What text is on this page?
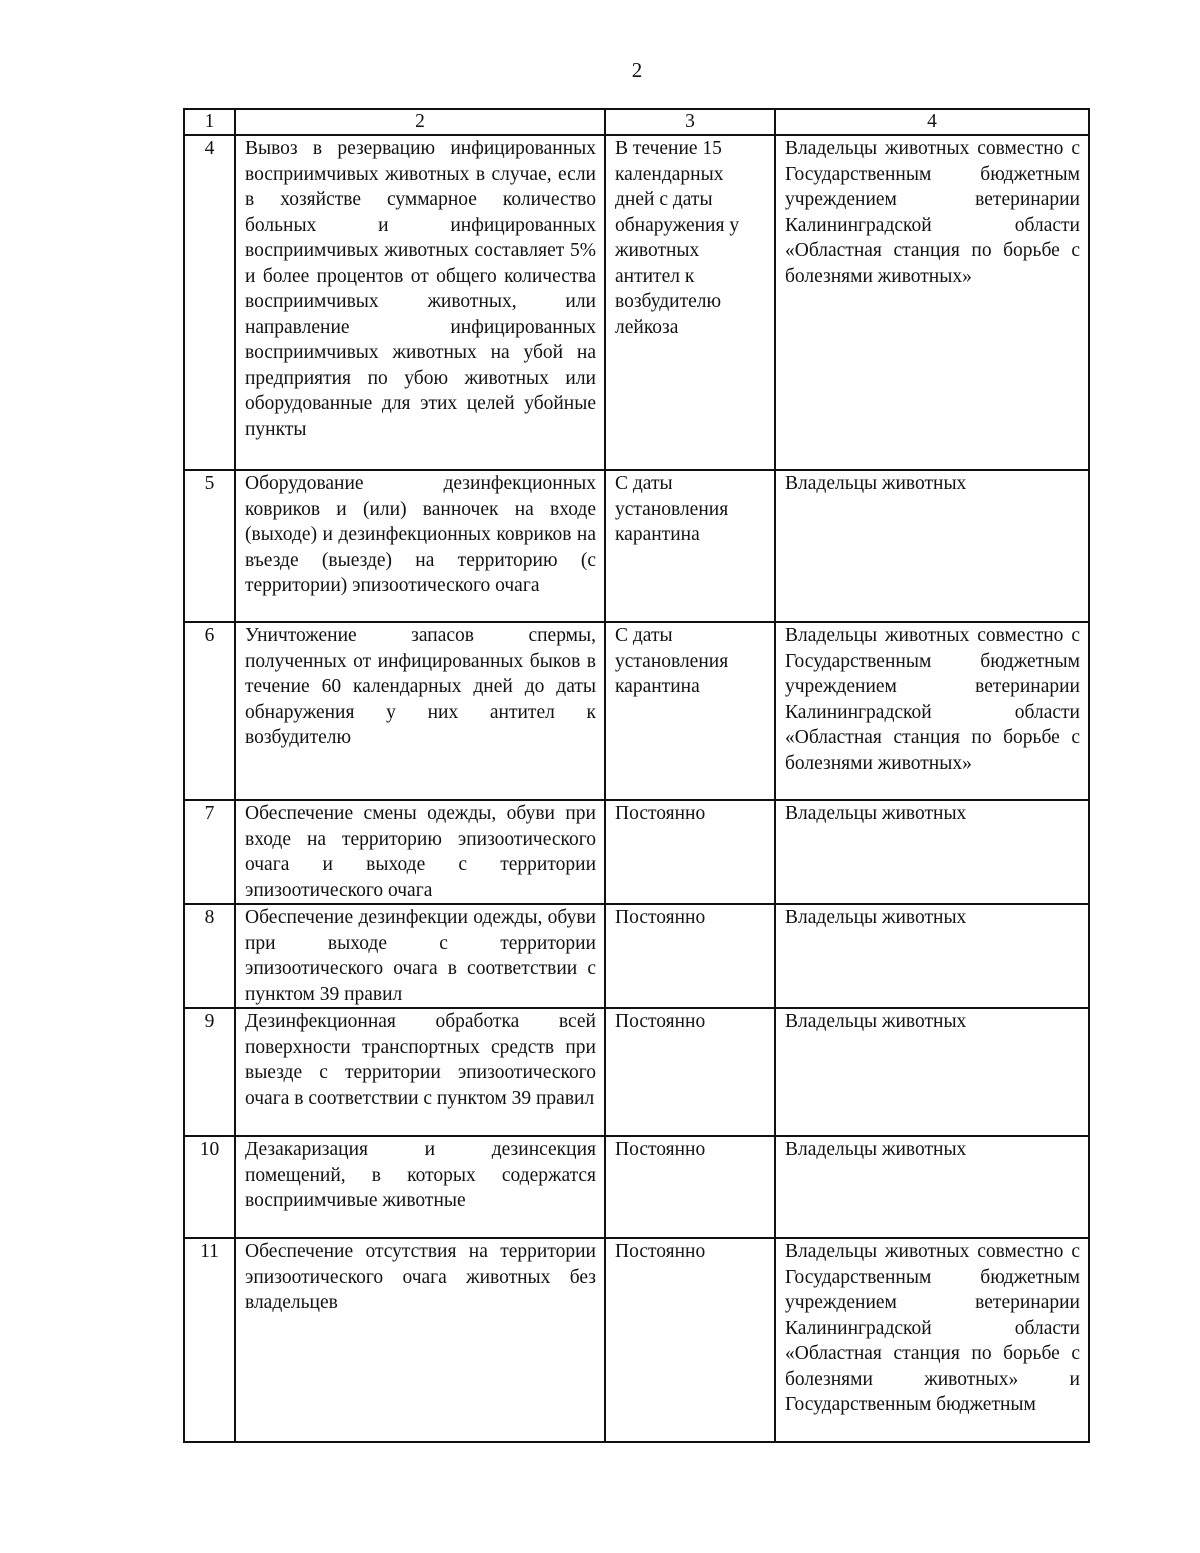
2
1	2	3	4
4	Вывоз в резервацию инфицированных восприимчивых животных в случае, если в хозяйстве суммарное количество больных и инфицированных восприимчивых животных составляет 5% и более процентов от общего количества восприимчивых животных, или направление инфицированных восприимчивых животных на убой на предприятия по убою животных или оборудованные для этих целей убойные пункты	В течение 15 календарных дней с даты обнаружения у животных антител к возбудителю лейкоза	Владельцы животных совместно с Государственным бюджетным учреждением ветеринарии Калининградской области «Областная станция по борьбе с болезнями животных»
5	Оборудование дезинфекционных ковриков и (или) ванночек на входе (выходе) и дезинфекционных ковриков на въезде (выезде) на территорию (с территории) эпизоотического очага	С даты установления карантина	Владельцы животных
6	Уничтожение запасов спермы, полученных от инфицированных быков в течение 60 календарных дней до даты обнаружения у них антител к возбудителю	С даты установления карантина	Владельцы животных совместно с Государственным бюджетным учреждением ветеринарии Калининградской области «Областная станция по борьбе с болезнями животных»
7	Обеспечение смены одежды, обуви при входе на территорию эпизоотического очага и выходе с территории эпизоотического очага	Постоянно	Владельцы животных
8	Обеспечение дезинфекции одежды, обуви при выходе с территории эпизоотического очага в соответствии с пунктом 39 правил	Постоянно	Владельцы животных
9	Дезинфекционная обработка всей поверхности транспортных средств при выезде с территории эпизоотического очага в соответствии с пунктом 39 правил	Постоянно	Владельцы животных
10	Дезакаризация и дезинсекция помещений, в которых содержатся восприимчивые животные	Постоянно	Владельцы животных
11	Обеспечение отсутствия на территории эпизоотического очага животных без владельцев	Постоянно	Владельцы животных совместно с Государственным бюджетным учреждением ветеринарии Калининградской области «Областная станция по борьбе с болезнями животных» и Государственным бюджетным
